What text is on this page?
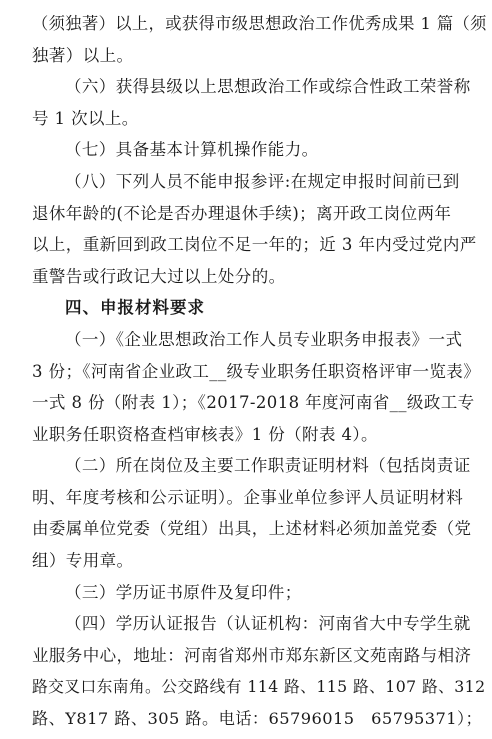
（须独著）以上，或获得市级思想政治工作优秀成果 1 篇（须
独著）以上。
（六）获得县级以上思想政治工作或综合性政工荣誉称
号 1 次以上。
（七）具备基本计算机操作能力。
（八）下列人员不能申报参评:在规定申报时间前已到
退休年龄的(不论是否办理退休手续)；离开政工岗位两年
以上，重新回到政工岗位不足一年的；近 3 年内受过党内严
重警告或行政记大过以上处分的。
四、申报材料要求
（一）《企业思想政治工作人员专业职务申报表》一式
3 份；《河南省企业政工__级专业职务任职资格评审一览表》
一式 8 份（附表 1）；《2017-2018 年度河南省__级政工专
业职务任职资格查档审核表》1 份（附表 4）。
（二）所在岗位及主要工作职责证明材料（包括岗责证
明、年度考核和公示证明）。企事业单位参评人员证明材料
由委属单位党委（党组）出具，上述材料必须加盖党委（党
组）专用章。
（三）学历证书原件及复印件；
（四）学历认证报告（认证机构：河南省大中专学生就
业服务中心，地址：河南省郑州市郑东新区文苑南路与相济
路交叉口东南角。公交路线有 114 路、115 路、107 路、312
路、Y817 路、305 路。电话：65796015　65795371）；
